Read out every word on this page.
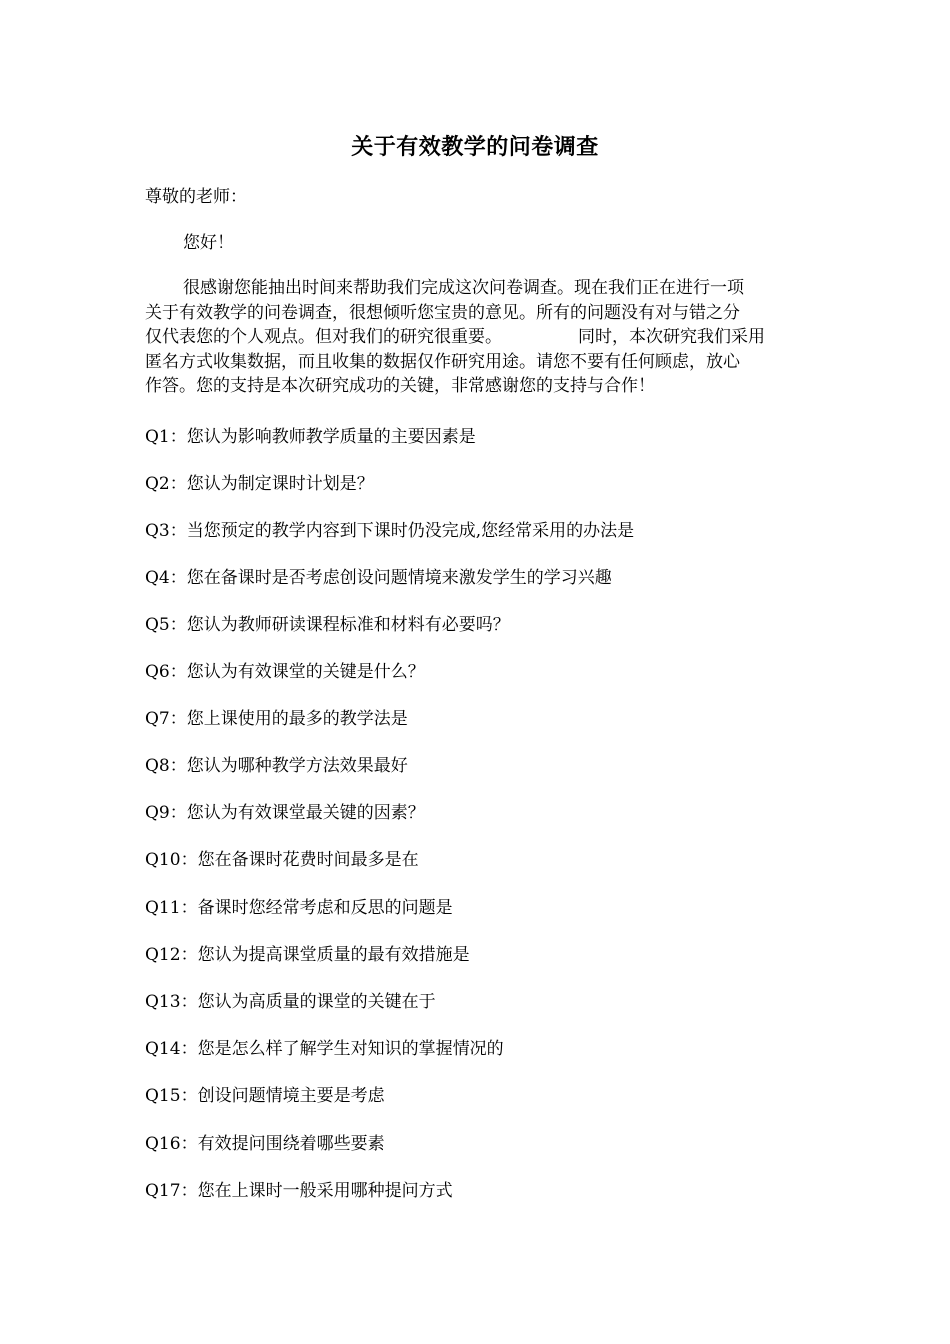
关于有效教学的问卷调查
尊敬的老师：
您好！

很感谢您能抽出时间来帮助我们完成这次问卷调查。现在我们正在进行一项

关于有效教学的问卷调查，很想倾听您宝贵的意见。所有的问题没有对与错之分

仅代表您的个人观点。但对我们的研究很重要。	同时，本次研究我们采用

匿名方式收集数据，而且收集的数据仅作研究用途。请您不要有任何顾虑，放心

作答。您的支持是本次研究成功的关键，非常感谢您的支持与合作！

Q1：您认为影响教师教学质量的主要因素是
Q2：您认为制定课时计划是？
Q3：当您预定的教学内容到下课时仍没完成,您经常采用的办法是
Q4：您在备课时是否考虑创设问题情境来激发学生的学习兴趣
Q5：您认为教师研读课程标准和材料有必要吗？
Q6：您认为有效课堂的关键是什么？
Q7：您上课使用的最多的教学法是
Q8：您认为哪种教学方法效果最好
Q9：您认为有效课堂最关键的因素？
Q10：您在备课时花费时间最多是在
Q11：备课时您经常考虑和反思的问题是
Q12：您认为提高课堂质量的最有效措施是
Q13：您认为高质量的课堂的关键在于
Q14：您是怎么样了解学生对知识的掌握情况的
Q15：创设问题情境主要是考虑
Q16：有效提问围绕着哪些要素
Q17：您在上课时一般采用哪种提问方式
